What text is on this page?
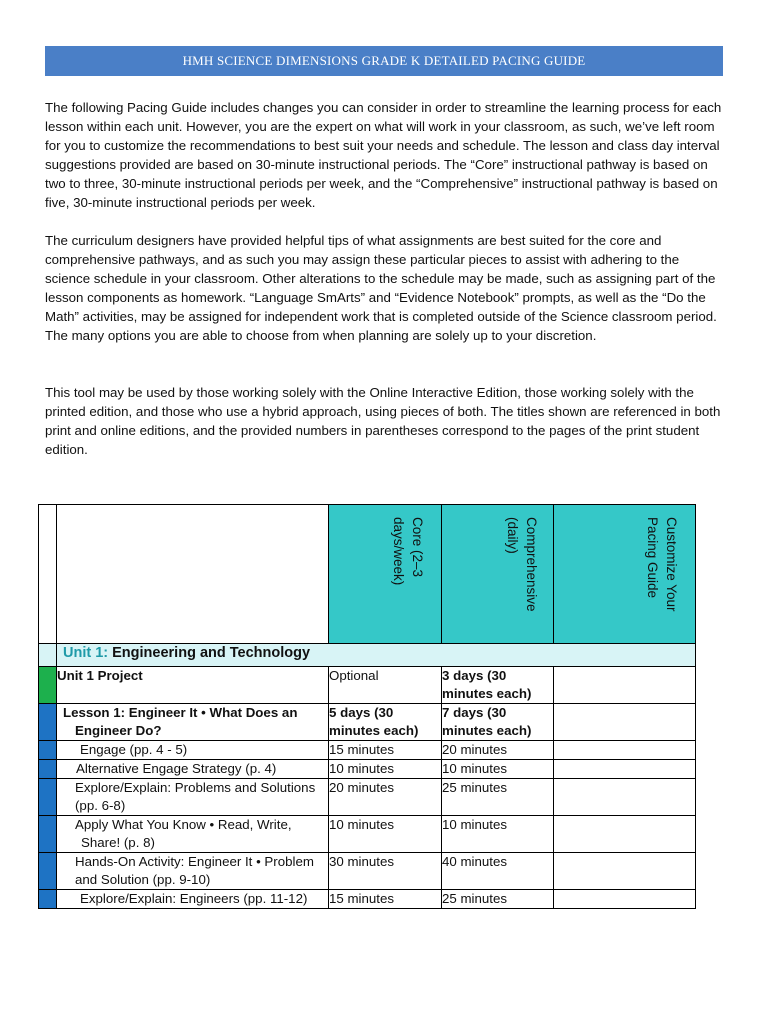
HMH SCIENCE DIMENSIONS GRADE K DETAILED PACING GUIDE

The following Pacing Guide includes changes you can consider in order to streamline the learning process for each lesson within each unit. However, you are the expert on what will work in your classroom, as such, we’ve left room for you to customize the recommendations to best suit your needs and schedule. The lesson and class day interval suggestions provided are based on 30-minute instructional periods. The “Core” instructional pathway is based on two to three, 30-minute instructional periods per week, and the “Comprehensive” instructional pathway is based on five, 30-minute instructional periods per week.

The curriculum designers have provided helpful tips of what assignments are best suited for the core and comprehensive pathways, and as such you may assign these particular pieces to assist with adhering to the science schedule in your classroom. Other alterations to the schedule may be made, such as assigning part of the lesson components as homework. “Language SmArts” and “Evidence Notebook” prompts, as well as the “Do the Math” activities, may be assigned for independent work that is completed outside of the Science classroom period. The many options you are able to choose from when planning are solely up to your discretion.

This tool may be used by those working solely with the Online Interactive Edition, those working solely with the printed edition, and those who use a hybrid approach, using pieces of both. The titles shown are referenced in both print and online editions, and the provided numbers in parentheses correspond to the pages of the print student edition.

		Core (2–3 days/week)	Comprehensive (daily)	Customize Your Pacing Guide

	Unit 1: Engineering and Technology			
	Unit 1 Project	Optional	3 days (30 minutes each)	

	Lesson 1: Engineer It • What Does an Engineer Do?	5 days (30 minutes each)	7 days (30 minutes each)	
	Engage (pp. 4 - 5)	15 minutes	20 minutes	
	Alternative Engage Strategy (p. 4)	10 minutes	10 minutes	

	Explore/Explain: Problems and Solutions (pp. 6-8)	20 minutes	25 minutes	

	Apply What You Know • Read, Write, Share! (p. 8)	10 minutes	10 minutes	

	Hands-On Activity: Engineer It • Problem and Solution (pp. 9-10)	30 minutes	40 minutes	
	Explore/Explain: Engineers (pp. 11-12)	15 minutes	25 minutes	
